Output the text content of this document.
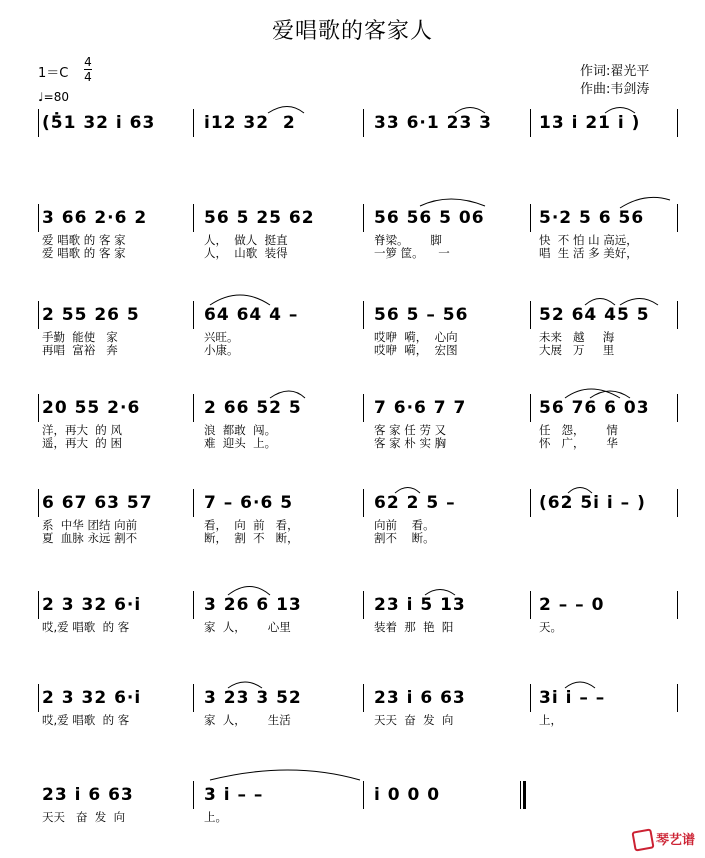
爱唱歌的客家人
1＝C
4
4
♩=80
作词:翟光平
作曲:韦剑涛
(5̇1 32 i 63	i12 32  2	33 6·1 23 3	13 i 21 i )
3 66 2·6 2
爱 唱歌 的 客 家
爱 唱歌 的 客 家
56 5 25 62
人，  做人  挺直
人，  山歌  装得
56 56 5 06
脊梁。      脚
一箩 筐。    一
5·2 5 6 56
快  不 怕 山 高远，
唱  生 活 多 美好，
2 55 26 5
手勤  能使   家
再唱  富裕   奔
64 64 4 –
兴旺。
小康。
56 5 – 56
哎咿  嗬，  心向
哎咿  嗬，  宏图
52 64 45 5
未来   越     海
大展   万     里
20 55 2·6
洋，再大  的 风
遥，再大  的 困
2 66 52 5
浪  都敢  闯。
难  迎头  上。
7 6·6 7 7
客 家 任 劳 又
客 家 朴 实 胸
56 76 6 03
任   怨，      情
怀   广，      华
6 67 63 57
系  中华 团结 向前
夏  血脉 永远 割不
7 – 6·6 5
看，  向  前   看，
断，  割  不   断，
62 2 5 –
向前    看。
割不    断。
(62 5i i – )
2 3 32 6·i
哎,爱 唱歌  的 客
3 26 6 13
家  人，      心里
23 i 5 13
装着  那  艳  阳
2 – – 0
天。
2 3 32 6·i
哎,爱 唱歌  的 客
3 23 3 52
家  人，      生活
23 i 6 63
天天  奋  发  向
3i i – –
上，
23 i 6 63
天天   奋  发  向
3 i – –
上。
i 0 0 0
琴艺谱
